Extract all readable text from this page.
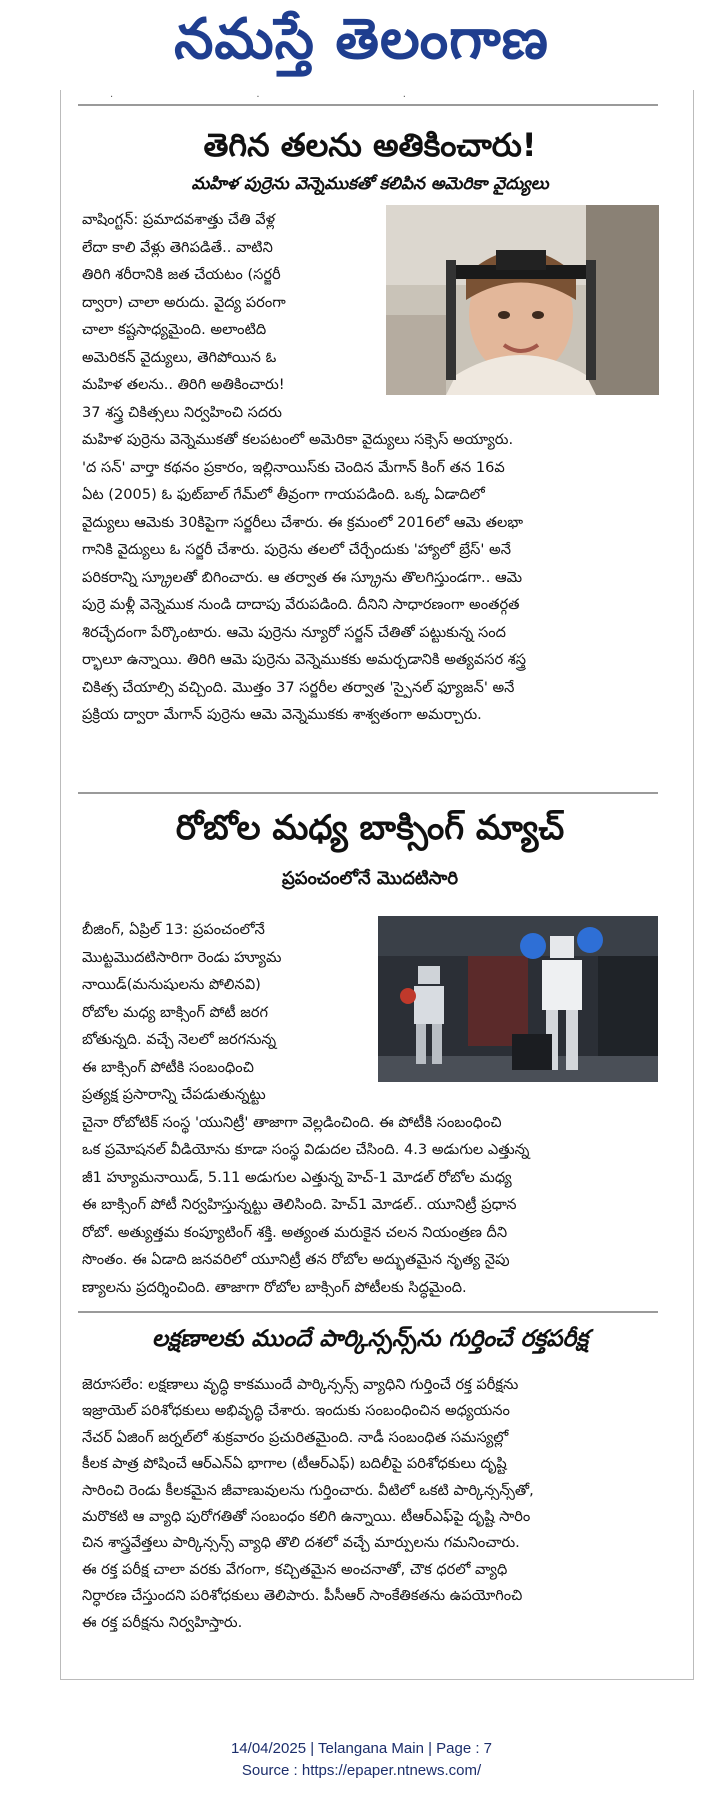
నమస్తే తెలంగాణ
· · ·
తెగిన తలను అతికించారు!
మహిళ పుర్రెను వెన్నెముకతో కలిపిన అమెరికా వైద్యులు
వాషింగ్టన్‌: ప్రమాదవశాత్తు చేతి వేళ్ల
లేదా కాలి వేళ్లు తెగిపడితే.. వాటిని
తిరిగి శరీరానికి జత చేయటం (సర్జరీ
ద్వారా) చాలా అరుదు. వైద్య పరంగా
చాలా కష్టసాధ్యమైంది. అలాంటిది
అమెరికన్‌ వైద్యులు, తెగిపోయిన ఓ
మహిళ తలను.. తిరిగి అతికించారు!
37 శస్త్ర చికిత్సలు నిర్వహించి సదరు
మహిళ పుర్రెను వెన్నెముకతో కలపటంలో అమెరికా వైద్యులు సక్సెస్‌ అయ్యారు.
'ద సన్‌' వార్తా కథనం ప్రకారం, ఇల్లినాయిస్‌కు చెందిన మేగాన్‌ కింగ్‌ తన 16వ
ఏట (2005) ఓ ఫుట్‌బాల్‌ గేమ్‌లో తీవ్రంగా గాయపడింది. ఒక్క ఏడాదిలో
వైద్యులు ఆమెకు 30కిపైగా సర్జరీలు చేశారు. ఈ క్రమంలో 2016లో ఆమె తలభా
గానికి వైద్యులు ఓ సర్జరీ చేశారు. పుర్రెను తలలో చేర్చేందుకు 'హ్యాలో బ్రేస్‌' అనే
పరికరాన్ని స్క్రూలతో బిగించారు. ఆ తర్వాత ఈ స్క్రూను తొలగిస్తుండగా.. ఆమె
పుర్రె మళ్లీ వెన్నెముక నుండి దాదాపు వేరుపడింది. దీనిని సాధారణంగా అంతర్గత
శిరచ్ఛేదంగా పేర్కొంటారు. ఆమె పుర్రెను న్యూరో సర్జన్‌ చేతితో పట్టుకున్న సంద
ర్భాలూ ఉన్నాయి. తిరిగి ఆమె పుర్రెను వెన్నెముకకు అమర్చడానికి అత్యవసర శస్త్ర
చికిత్స చేయాల్సి వచ్చింది. మొత్తం 37 సర్జరీల తర్వాత 'స్పైనల్‌ ఫ్యూజన్‌' అనే
ప్రక్రియ ద్వారా మేగాన్‌ పుర్రెను ఆమె వెన్నెముకకు శాశ్వతంగా అమర్చారు.
రోబోల మధ్య బాక్సింగ్‌ మ్యాచ్‌
ప్రపంచంలోనే మొదటిసారి
బీజింగ్‌, ఏప్రిల్‌ 13: ప్రపంచంలోనే
మొట్టమొదటిసారిగా రెండు హ్యూమ
నాయిడ్‌(మనుషులను పోలినవి)
రోబోల మధ్య బాక్సింగ్‌ పోటీ జరగ
బోతున్నది. వచ్చే నెలలో జరగనున్న
ఈ బాక్సింగ్‌ పోటీకి సంబంధించి
ప్రత్యక్ష ప్రసారాన్ని చేపడుతున్నట్టు
చైనా రోబోటిక్‌ సంస్థ 'యునిట్రీ' తాజాగా వెల్లడించింది. ఈ పోటీకి సంబంధించి
ఒక ప్రమోషనల్‌ వీడియోను కూడా సంస్థ విడుదల చేసింది. 4.3 అడుగుల ఎత్తున్న
జీ1 హ్యూమనాయిడ్‌, 5.11 అడుగుల ఎత్తున్న హెచ్‌-1 మోడల్‌ రోబోల మధ్య
ఈ బాక్సింగ్‌ పోటీ నిర్వహిస్తున్నట్టు తెలిసింది. హెచ్‌1 మోడల్‌.. యూనిట్రీ ప్రధాన
రోబో. అత్యుత్తమ కంప్యూటింగ్‌ శక్తి. అత్యంత మరుకైన చలన నియంత్రణ దీని
సొంతం. ఈ ఏడాది జనవరిలో యూనిట్రీ తన రోబోల అద్భుతమైన నృత్య నైపు
ణ్యాలను ప్రదర్శించింది. తాజాగా రోబోల బాక్సింగ్‌ పోటీలకు సిద్ధమైంది.
లక్షణాలకు ముందే పార్కిన్సన్స్‌ను గుర్తించే రక్తపరీక్ష
జెరూసలేం: లక్షణాలు వృద్ధి కాకముందే పార్కిన్సన్స్‌ వ్యాధిని గుర్తించే రక్త పరీక్షను
ఇజ్రాయెల్‌ పరిశోధకులు అభివృద్ధి చేశారు. ఇందుకు సంబంధించిన అధ్యయనం
నేచర్‌ ఏజింగ్‌ జర్నల్‌లో శుక్రవారం ప్రచురితమైంది. నాడీ సంబంధిత సమస్యల్లో
కీలక పాత్ర పోషించే ఆర్‌ఎన్‌ఏ భాగాల (టీఆర్‌ఎఫ్‌) బదిలీపై పరిశోధకులు దృష్టి
సారించి రెండు కీలకమైన జీవాణువులను గుర్తించారు. వీటిలో ఒకటి పార్కిన్సన్స్‌తో,
మరొకటి ఆ వ్యాధి పురోగతితో సంబంధం కలిగి ఉన్నాయి. టీఆర్‌ఎఫ్‌పై దృష్టి సారిం
చిన శాస్త్రవేత్తలు పార్కిన్సన్స్‌ వ్యాధి తొలి దశలో వచ్చే మార్పులను గమనించారు.
ఈ రక్త పరీక్ష చాలా వరకు వేగంగా, కచ్చితమైన అంచనాతో, చౌక ధరలో వ్యాధి
నిర్ధారణ చేస్తుందని పరిశోధకులు తెలిపారు. పీసీఆర్‌ సాంకేతికతను ఉపయోగించి
ఈ రక్త పరీక్షను నిర్వహిస్తారు.
14/04/2025 | Telangana Main | Page : 7
Source : https://epaper.ntnews.com/
